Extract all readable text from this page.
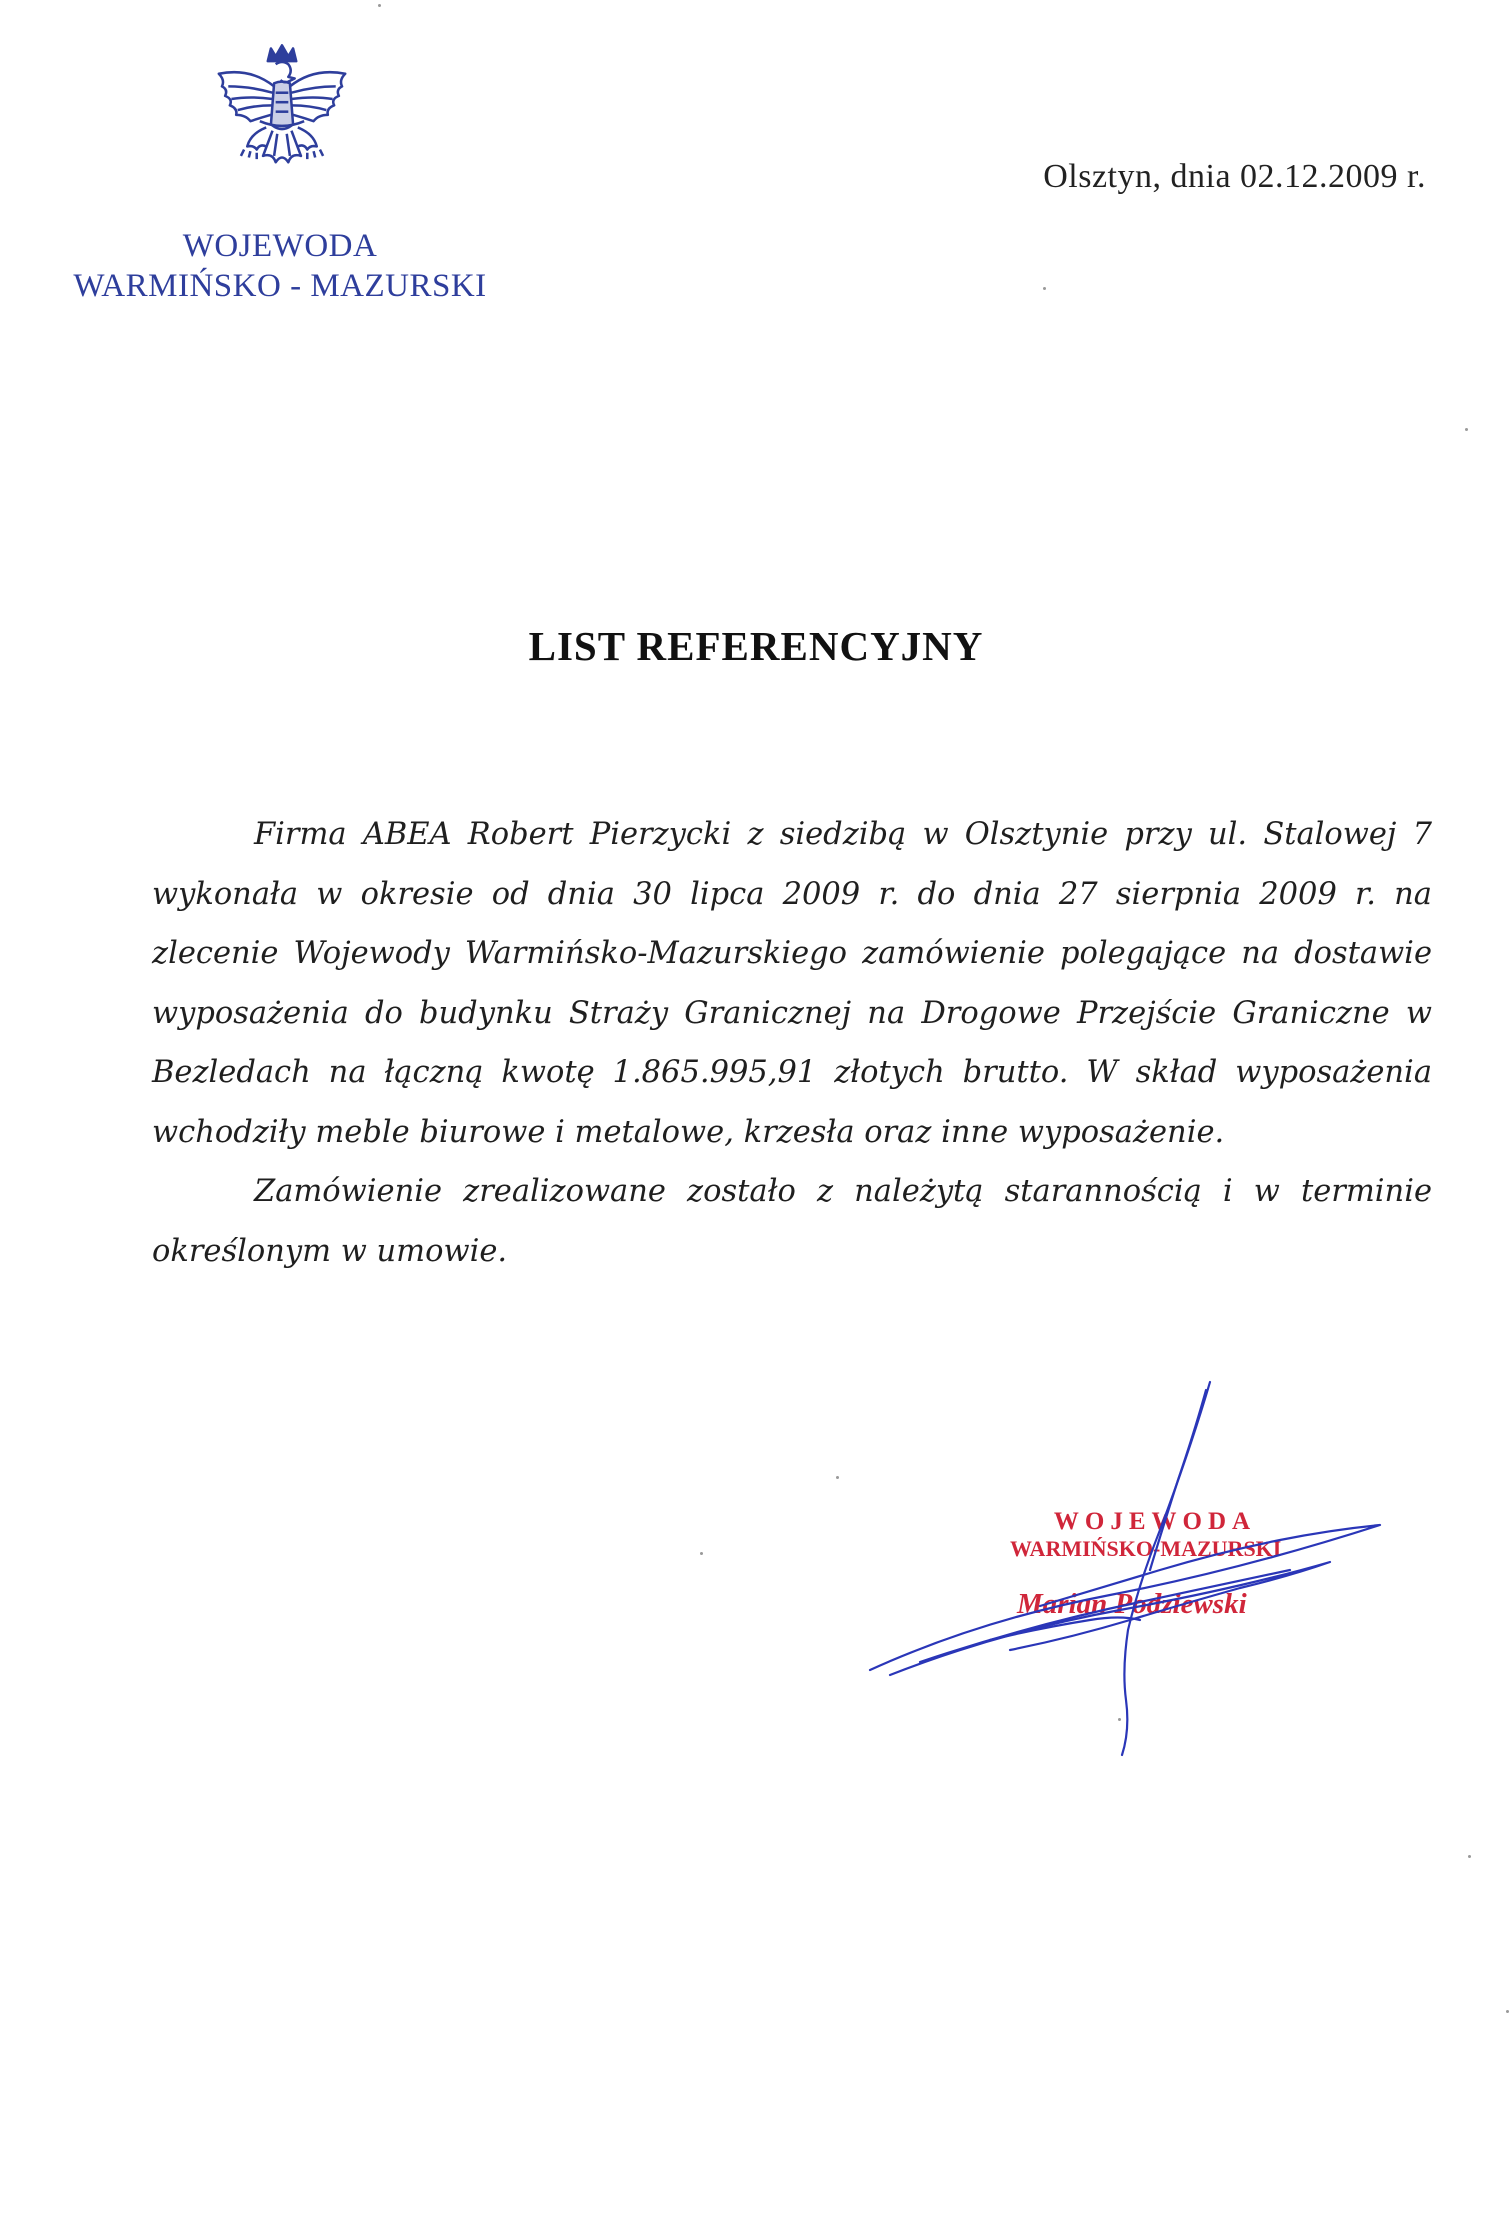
WOJEWODA
WARMIŃSKO - MAZURSKI
Olsztyn, dnia 02.12.2009 r.
LIST REFERENCYJNY

Firma ABEA Robert Pierzycki z siedzibą w Olsztynie przy ul. Stalowej 7 wykonała w okresie od dnia 30 lipca 2009 r. do dnia 27 sierpnia 2009 r. na zlecenie Wojewody Warmińsko-Mazurskiego zamówienie polegające na dostawie wyposażenia do budynku Straży Granicznej na Drogowe Przejście Graniczne w Bezledach na łączną kwotę 1.865.995,91 złotych brutto. W skład wyposażenia wchodziły meble biurowe i metalowe, krzesła oraz inne wyposażenie.

Zamówienie zrealizowane zostało z należytą starannością i w terminie określonym w umowie.

WOJEWODA
WARMIŃSKO-MAZURSKI
Marian Podziewski
